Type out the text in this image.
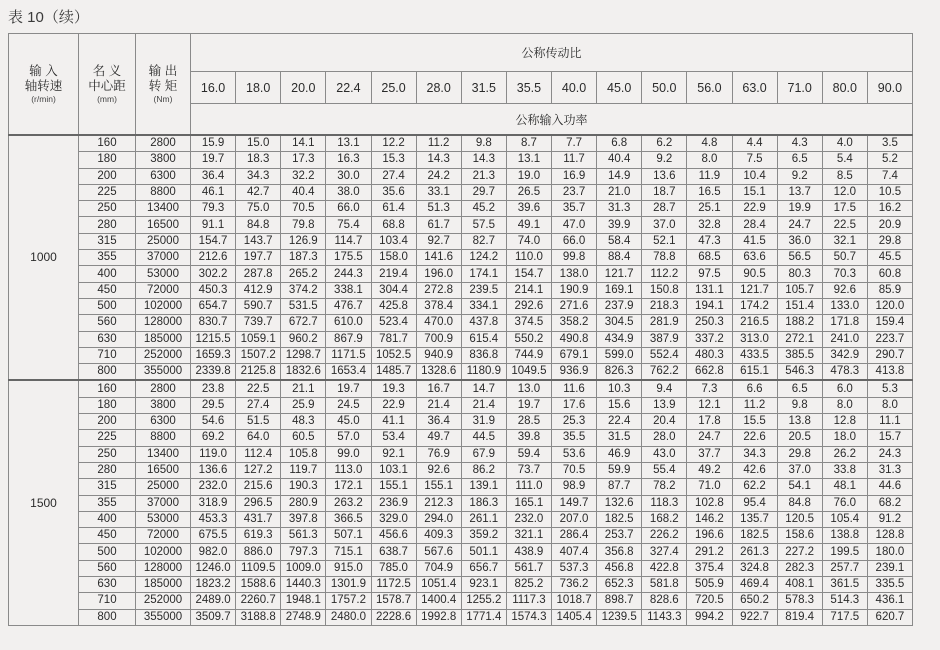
表 10（续）
输 入
轴转速
(r/min)	名 义
中心距
(mm)	输 出
转 矩
(Nm)	公称传动比															
			16.0	18.0	20.0	22.4	25.0	28.0	31.5	35.5	40.0	45.0	50.0	56.0	63.0	71.0	80.0	90.0
			公称输入功率															
1000	160	2800	15.9	15.0	14.1	13.1	12.2	11.2	9.8	8.7	7.7	6.8	6.2	4.8	4.4	4.3	4.0	3.5
	180	3800	19.7	18.3	17.3	16.3	15.3	14.3	14.3	13.1	11.7	40.4	9.2	8.0	7.5	6.5	5.4	5.2
	200	6300	36.4	34.3	32.2	30.0	27.4	24.2	21.3	19.0	16.9	14.9	13.6	11.9	10.4	9.2	8.5	7.4
	225	8800	46.1	42.7	40.4	38.0	35.6	33.1	29.7	26.5	23.7	21.0	18.7	16.5	15.1	13.7	12.0	10.5
	250	13400	79.3	75.0	70.5	66.0	61.4	51.3	45.2	39.6	35.7	31.3	28.7	25.1	22.9	19.9	17.5	16.2
	280	16500	91.1	84.8	79.8	75.4	68.8	61.7	57.5	49.1	47.0	39.9	37.0	32.8	28.4	24.7	22.5	20.9
	315	25000	154.7	143.7	126.9	114.7	103.4	92.7	82.7	74.0	66.0	58.4	52.1	47.3	41.5	36.0	32.1	29.8
	355	37000	212.6	197.7	187.3	175.5	158.0	141.6	124.2	110.0	99.8	88.4	78.8	68.5	63.6	56.5	50.7	45.5
	400	53000	302.2	287.8	265.2	244.3	219.4	196.0	174.1	154.7	138.0	121.7	112.2	97.5	90.5	80.3	70.3	60.8
	450	72000	450.3	412.9	374.2	338.1	304.4	272.8	239.5	214.1	190.9	169.1	150.8	131.1	121.7	105.7	92.6	85.9
	500	102000	654.7	590.7	531.5	476.7	425.8	378.4	334.1	292.6	271.6	237.9	218.3	194.1	174.2	151.4	133.0	120.0
	560	128000	830.7	739.7	672.7	610.0	523.4	470.0	437.8	374.5	358.2	304.5	281.9	250.3	216.5	188.2	171.8	159.4
	630	185000	1215.5	1059.1	960.2	867.9	781.7	700.9	615.4	550.2	490.8	434.9	387.9	337.2	313.0	272.1	241.0	223.7
	710	252000	1659.3	1507.2	1298.7	1171.5	1052.5	940.9	836.8	744.9	679.1	599.0	552.4	480.3	433.5	385.5	342.9	290.7
	800	355000	2339.8	2125.8	1832.6	1653.4	1485.7	1328.6	1180.9	1049.5	936.9	826.3	762.2	662.8	615.1	546.3	478.3	413.8
1500	160	2800	23.8	22.5	21.1	19.7	19.3	16.7	14.7	13.0	11.6	10.3	9.4	7.3	6.6	6.5	6.0	5.3
	180	3800	29.5	27.4	25.9	24.5	22.9	21.4	21.4	19.7	17.6	15.6	13.9	12.1	11.2	9.8	8.0	8.0
	200	6300	54.6	51.5	48.3	45.0	41.1	36.4	31.9	28.5	25.3	22.4	20.4	17.8	15.5	13.8	12.8	11.1
	225	8800	69.2	64.0	60.5	57.0	53.4	49.7	44.5	39.8	35.5	31.5	28.0	24.7	22.6	20.5	18.0	15.7
	250	13400	119.0	112.4	105.8	99.0	92.1	76.9	67.9	59.4	53.6	46.9	43.0	37.7	34.3	29.8	26.2	24.3
	280	16500	136.6	127.2	119.7	113.0	103.1	92.6	86.2	73.7	70.5	59.9	55.4	49.2	42.6	37.0	33.8	31.3
	315	25000	232.0	215.6	190.3	172.1	155.1	155.1	139.1	111.0	98.9	87.7	78.2	71.0	62.2	54.1	48.1	44.6
	355	37000	318.9	296.5	280.9	263.2	236.9	212.3	186.3	165.1	149.7	132.6	118.3	102.8	95.4	84.8	76.0	68.2
	400	53000	453.3	431.7	397.8	366.5	329.0	294.0	261.1	232.0	207.0	182.5	168.2	146.2	135.7	120.5	105.4	91.2
	450	72000	675.5	619.3	561.3	507.1	456.6	409.3	359.2	321.1	286.4	253.7	226.2	196.6	182.5	158.6	138.8	128.8
	500	102000	982.0	886.0	797.3	715.1	638.7	567.6	501.1	438.9	407.4	356.8	327.4	291.2	261.3	227.2	199.5	180.0
	560	128000	1246.0	1109.5	1009.0	915.0	785.0	704.9	656.7	561.7	537.3	456.8	422.8	375.4	324.8	282.3	257.7	239.1
	630	185000	1823.2	1588.6	1440.3	1301.9	1172.5	1051.4	923.1	825.2	736.2	652.3	581.8	505.9	469.4	408.1	361.5	335.5
	710	252000	2489.0	2260.7	1948.1	1757.2	1578.7	1400.4	1255.2	1117.3	1018.7	898.7	828.6	720.5	650.2	578.3	514.3	436.1
	800	355000	3509.7	3188.8	2748.9	2480.0	2228.6	1992.8	1771.4	1574.3	1405.4	1239.5	1143.3	994.2	922.7	819.4	717.5	620.7
